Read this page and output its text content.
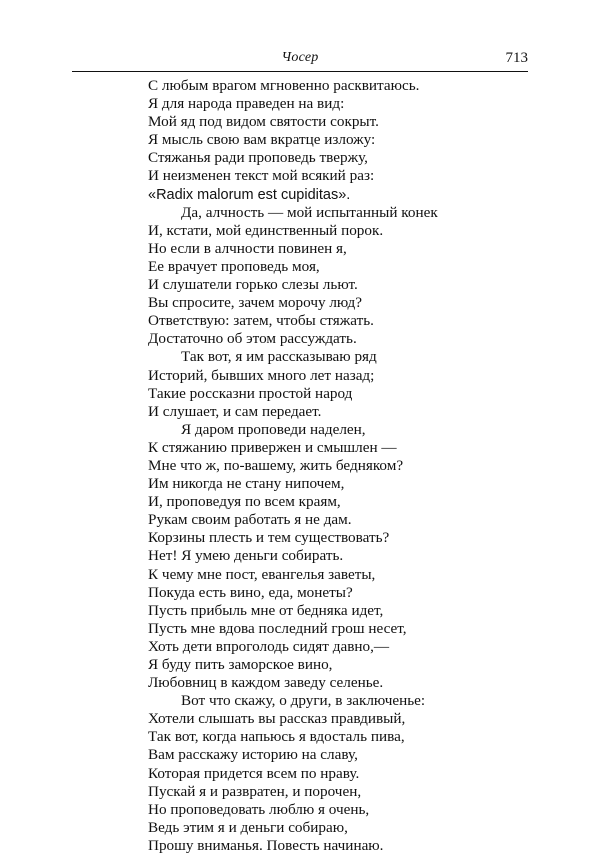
Чосер	713
С любым врагом мгновенно расквитаюсь.
Я для народа праведен на вид:
Мой яд под видом святости сокрыт.
Я мысль свою вам вкратце изложу:
Стяжанья ради проповедь твержу,
И неизменен текст мой всякий раз:
«Radix malorum est cupiditas».
Да, алчность — мой испытанный конек
И, кстати, мой единственный порок.
Но если в алчности повинен я,
Ее врачует проповедь моя,
И слушатели горько слезы льют.
Вы спросите, зачем морочу люд?
Ответствую: затем, чтобы стяжать.
Достаточно об этом рассуждать.
Так вот, я им рассказываю ряд
Историй, бывших много лет назад;
Такие россказни простой народ
И слушает, и сам передает.
Я даром проповеди наделен,
К стяжанию привержен и смышлен —
Мне что ж, по-вашему, жить бедняком?
Им никогда не стану нипочем,
И, проповедуя по всем краям,
Рукам своим работать я не дам.
Корзины плесть и тем существовать?
Нет! Я умею деньги собирать.
К чему мне пост, евангелья заветы,
Покуда есть вино, еда, монеты?
Пусть прибыль мне от бедняка идет,
Пусть мне вдова последний грош несет,
Хоть дети впроголодь сидят давно,—
Я буду пить заморское вино,
Любовниц в каждом заведу селенье.
Вот что скажу, о други, в заключенье:
Хотели слышать вы рассказ правдивый,
Так вот, когда напьюсь я вдосталь пива,
Вам расскажу историю на славу,
Которая придется всем по нраву.
Пускай я и развратен, и порочен,
Но проповедовать люблю я очень,
Ведь этим я и деньги собираю,
Прошу вниманья. Повесть начинаю.
